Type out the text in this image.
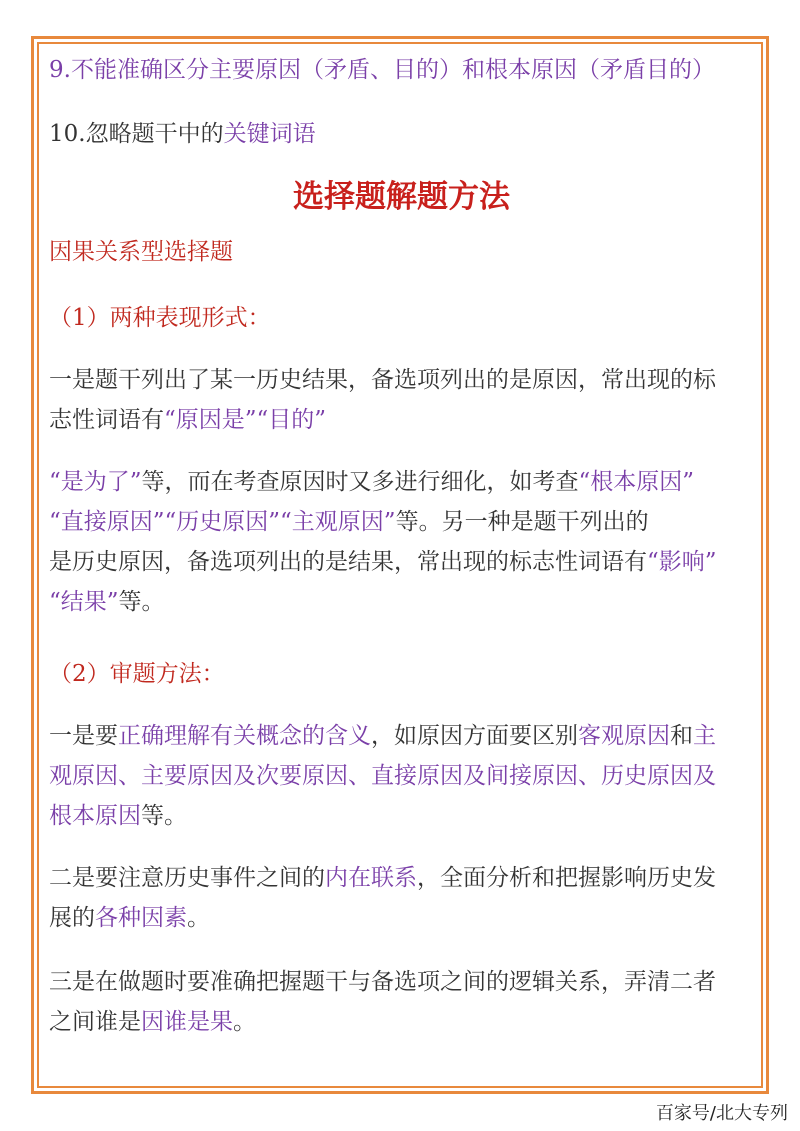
9.不能准确区分主要原因（矛盾、目的）和根本原因（矛盾目的）

10.忽略题干中的关键词语

选择题解题方法

因果关系型选择题

（1）两种表现形式：

一是题干列出了某一历史结果，备选项列出的是原因，常出现的标

志性词语有“原因是”“目的”

“是为了”等，而在考查原因时又多进行细化，如考查“根本原因”

“直接原因”“历史原因”“主观原因”等。另一种是题干列出的

是历史原因，备选项列出的是结果，常出现的标志性词语有“影响”

“结果”等。

（2）审题方法：

一是要正确理解有关概念的含义，如原因方面要区别客观原因和主

观原因、主要原因及次要原因、直接原因及间接原因、历史原因及

根本原因等。

二是要注意历史事件之间的内在联系，全面分析和把握影响历史发

展的各种因素。

三是在做题时要准确把握题干与备选项之间的逻辑关系，弄清二者

之间谁是因谁是果。

百家号/北大专列
